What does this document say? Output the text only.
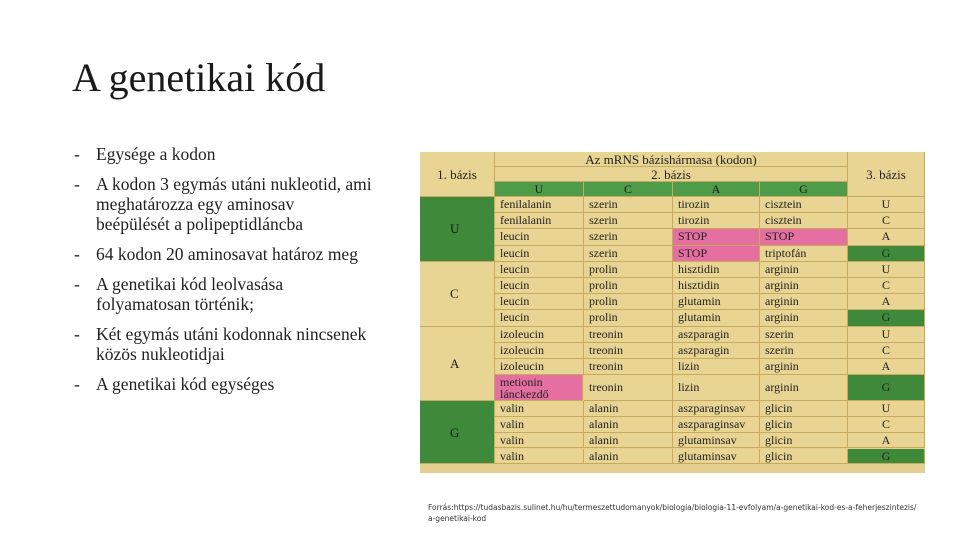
A genetikai kód
- Egysége a kodon
- A kodon 3 egymás utáni nukleotid, ami meghatározza egy aminosav beépülését a polipeptidláncba
- 64 kodon 20 aminosavat határoz meg
- A genetikai kód leolvasása folyamatosan történik;
- Két egymás utáni kodonnak nincsenek közös nukleotidjai
- A genetikai kód egységes
Az mRNS bázishármasa (kodon)
1. bázis	3. bázis
2. bázis
U	C	A	G
U
fenilalanin	szerin	tirozin	cisztein	U
fenilalanin	szerin	tirozin	cisztein	C
leucin	szerin	STOP	STOP	A
leucin	szerin	STOP	triptofán	G
C
leucin	prolin	hisztidin	arginin	U
leucin	prolin	hisztidin	arginin	C
leucin	prolin	glutamin	arginin	A
leucin	prolin	glutamin	arginin	G
A
izoleucin	treonin	aszparagin	szerin	U
izoleucin	treonin	aszparagin	szerin	C
izoleucin	treonin	lizin	arginin	A
metionin lánckezdő	treonin	lizin	arginin	G
G
valin	alanin	aszparaginsav	glicin	U
valin	alanin	aszparaginsav	glicin	C
valin	alanin	glutaminsav	glicin	A
valin	alanin	glutaminsav	glicin	G
Forrás:https://tudasbazis.sulinet.hu/hu/termeszettudomanyok/biologia/biologia-11-evfolyam/a-genetikai-kod-es-a-feherjeszintezis/a-genetikai-kod
